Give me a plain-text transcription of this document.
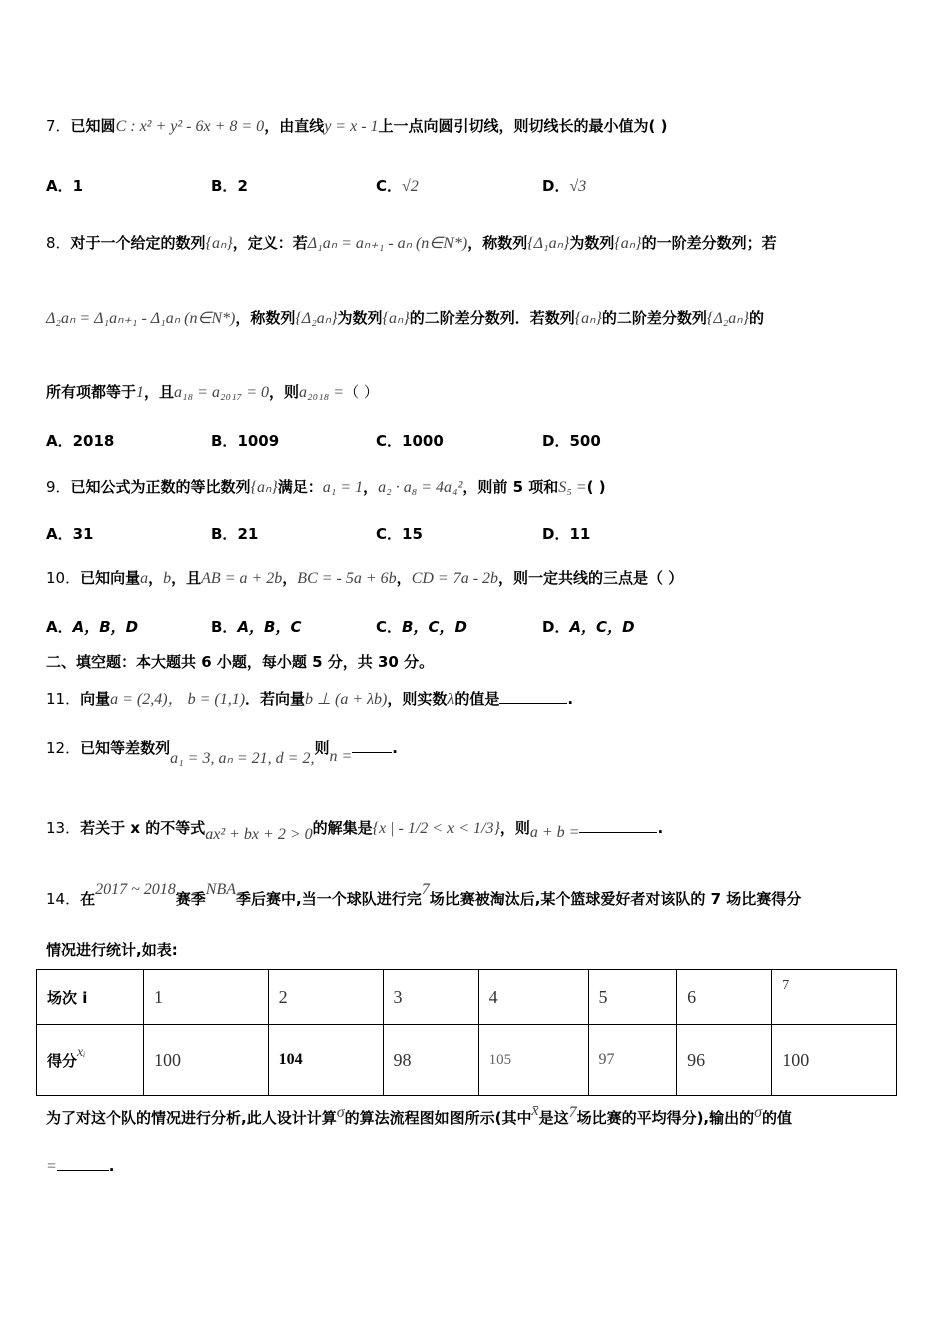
7．已知圆C : x² + y² - 6x + 8 = 0，由直线y = x - 1上一点向圆引切线，则切线长的最小值为( )
A．1	B．2	C．√2	D．√3
8．对于一个给定的数列{aₙ}，定义：若Δ₁aₙ = aₙ₊₁ - aₙ (n∈N*)，称数列{Δ₁aₙ}为数列{aₙ}的一阶差分数列；若
Δ₂aₙ = Δ₁aₙ₊₁ - Δ₁aₙ (n∈N*)，称数列{Δ₂aₙ}为数列{aₙ}的二阶差分数列．若数列{aₙ}的二阶差分数列{Δ₂aₙ}的
所有项都等于1，且a₁₈ = a₂₀₁₇ = 0，则a₂₀₁₈ =（ ）
A．2018	B．1009	C．1000	D．500
9．已知公式为正数的等比数列{aₙ}满足：a₁ = 1，a₂ · a₈ = 4a₄²，则前 5 项和S₅ =( )
A．31	B．21	C．15	D．11
10．已知向量a，b，且AB = a + 2b，BC = - 5a + 6b，CD = 7a - 2b，则一定共线的三点是（ ）
A．A，B，D	B．A，B，C	C．B，C，D	D．A，C，D
二、填空题：本大题共 6 小题，每小题 5 分，共 30 分。
11．向量a = (2,4)， b = (1,1)．若向量b ⊥ (a + λb)，则实数λ的值是	.
12．已知等差数列a₁ = 3, aₙ = 21, d = 2,则n =	.
13．若关于 x 的不等式ax² + bx + 2 > 0的解集是{x | - 1/2 < x < 1/3}，则a + b =	.
14．在2017 ~ 2018赛季NBA季后赛中,当一个球队进行完7场比赛被淘汰后,某个篮球爱好者对该队的 7 场比赛得分
情况进行统计,如表:
场次 i	1	2	3	4	5	6	7
得分xᵢ	100	104	98	105	97	96	100
为了对这个队的情况进行分析,此人设计计算σ的算法流程图如图所示(其中x̄是这7场比赛的平均得分),输出的σ的值
=	.
